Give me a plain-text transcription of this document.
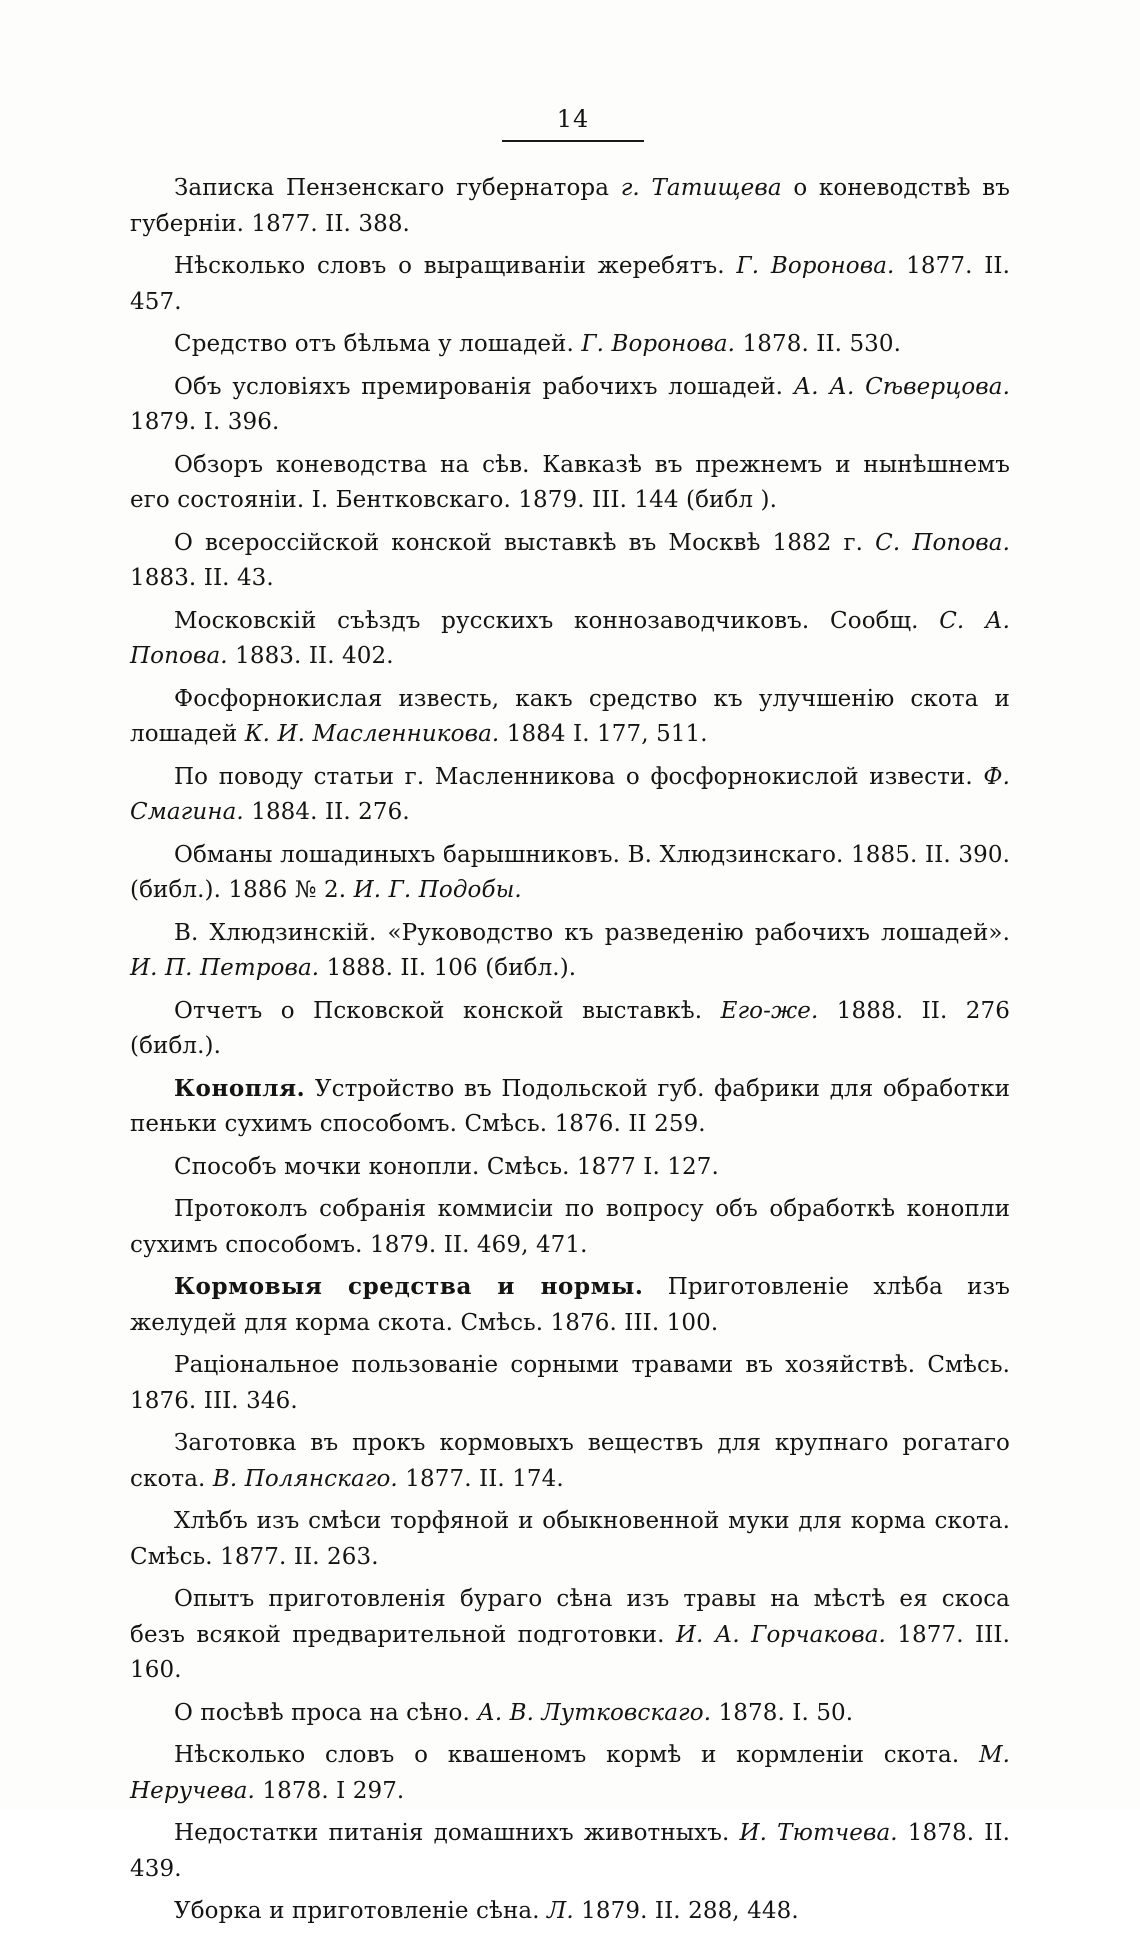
14

Записка Пензенскаго губернатора г. Татищева о коневодствѣ въ губерніи. 1877. II. 388.

Нѣсколько словъ о выращиваніи жеребятъ. Г. Воронова. 1877. II. 457.

Средство отъ бѣльма у лошадей. Г. Воронова. 1878. II. 530.

Объ условіяхъ премированія рабочихъ лошадей. А. А. Сѣверцова. 1879. I. 396.

Обзоръ коневодства на сѣв. Кавказѣ въ прежнемъ и нынѣшнемъ его состояніи. I. Бентковскаго. 1879. III. 144 (библ ).

О всероссійской конской выставкѣ въ Москвѣ 1882 г. С. Попова. 1883. II. 43.

Московскій съѣздъ русскихъ коннозаводчиковъ. Сообщ. С. А. Попова. 1883. II. 402.

Фосфорнокислая известь, какъ средство къ улучшенію скота и лошадей К. И. Масленникова. 1884 I. 177, 511.

По поводу статьи г. Масленникова о фосфорнокислой извести. Ф. Смагина. 1884. II. 276.

Обманы лошадиныхъ барышниковъ. В. Хлюдзинскаго. 1885. II. 390. (библ.). 1886 № 2. И. Г. Подобы.

В. Хлюдзинскій. «Руководство къ разведенію рабочихъ лошадей». И. П. Петрова. 1888. II. 106 (библ.).

Отчетъ о Псковской конской выставкѣ. Его-же. 1888. II. 276 (библ.).

Конопля. Устройство въ Подольской губ. фабрики для обработки пеньки сухимъ способомъ. Смѣсь. 1876. II 259.

Способъ мочки конопли. Смѣсь. 1877 I. 127.

Протоколъ собранія коммисіи по вопросу объ обработкѣ конопли сухимъ способомъ. 1879. II. 469, 471.

Кормовыя средства и нормы. Приготовленіе хлѣба изъ желудей для корма скота. Смѣсь. 1876. III. 100.

Раціональное пользованіе сорными травами въ хозяйствѣ. Смѣсь. 1876. III. 346.

Заготовка въ прокъ кормовыхъ веществъ для крупнаго рогатаго скота. В. Полянскаго. 1877. II. 174.

Хлѣбъ изъ смѣси торфяной и обыкновенной муки для корма скота. Смѣсь. 1877. II. 263.

Опытъ приготовленія бураго сѣна изъ травы на мѣстѣ ея скоса безъ всякой предварительной подготовки. И. А. Горчакова. 1877. III. 160.

О посѣвѣ проса на сѣно. А. В. Лутковскаго. 1878. I. 50.

Нѣсколько словъ о квашеномъ кормѣ и кормленіи скота. М. Неручева. 1878. I 297.

Недостатки питанія домашнихъ животныхъ. И. Тютчева. 1878. II. 439.

Уборка и приготовленіе сѣна. Л. 1879. II. 288, 448.
